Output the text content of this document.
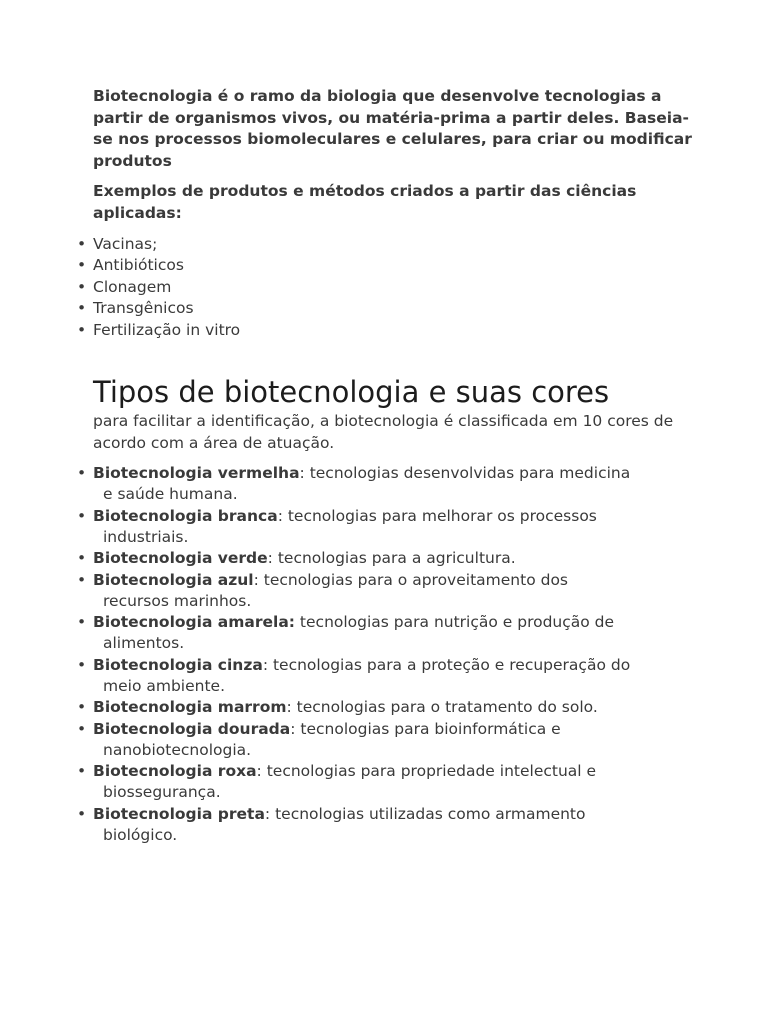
Biotecnologia é o ramo da biologia que desenvolve tecnologias a partir de organismos vivos, ou matéria-prima a partir deles. Baseia-se nos processos biomoleculares e celulares, para criar ou modificar produtos

Exemplos de produtos e métodos criados a partir das ciências aplicadas:

• Vacinas;
• Antibióticos
• Clonagem
• Transgênicos
• Fertilização in vitro
Tipos de biotecnologia e suas cores

para facilitar a identificação, a biotecnologia é classificada em 10 cores de acordo com a área de atuação.

• Biotecnologia vermelha: tecnologias desenvolvidas para medicina
e saúde humana.
• Biotecnologia branca: tecnologias para melhorar os processos
industriais.
• Biotecnologia verde: tecnologias para a agricultura.
• Biotecnologia azul: tecnologias para o aproveitamento dos
recursos marinhos.
• Biotecnologia amarela: tecnologias para nutrição e produção de
alimentos.
• Biotecnologia cinza: tecnologias para a proteção e recuperação do
meio ambiente.
• Biotecnologia marrom: tecnologias para o tratamento do solo.
• Biotecnologia dourada: tecnologias para bioinformática e
nanobiotecnologia.
• Biotecnologia roxa: tecnologias para propriedade intelectual e
biossegurança.
• Biotecnologia preta: tecnologias utilizadas como armamento
biológico.
